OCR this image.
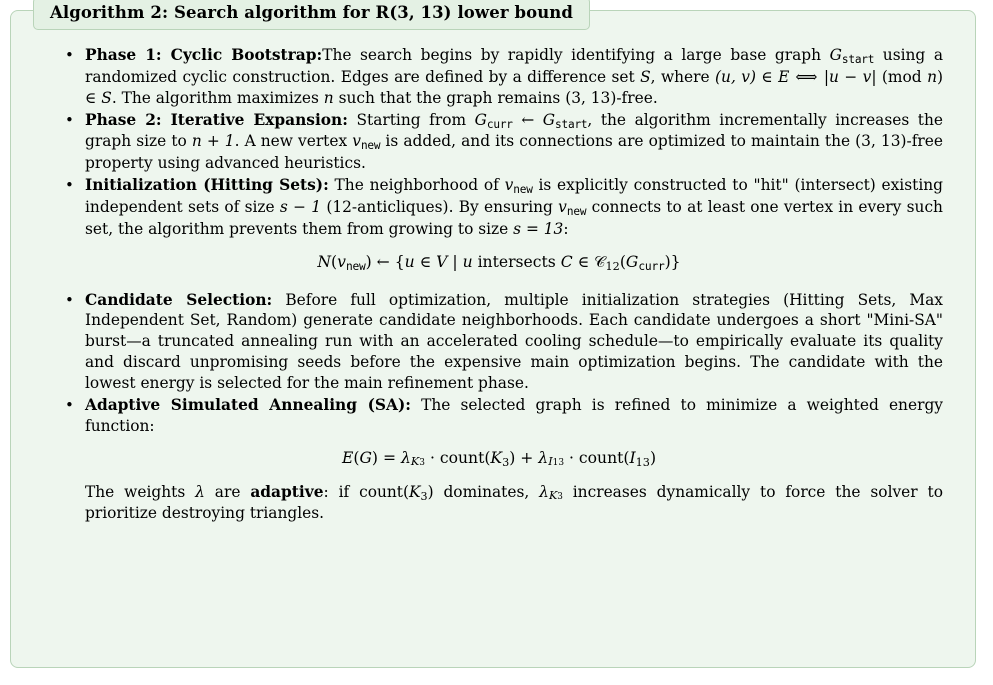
Algorithm 2: Search algorithm for R(3, 13) lower bound
• Phase 1: Cyclic Bootstrap:The search begins by rapidly identifying a large base graph Gstart using a randomized cyclic construction. Edges are defined by a difference set S, where (u, v) ∈ E ⟺ |u − v| (mod n) ∈ S. The algorithm maximizes n such that the graph remains (3, 13)-free.
• Phase 2: Iterative Expansion: Starting from Gcurr ← Gstart, the algorithm incrementally increases the graph size to n + 1. A new vertex vnew is added, and its connections are optimized to maintain the (3, 13)-free property using advanced heuristics.
• Initialization (Hitting Sets): The neighborhood of vnew is explicitly constructed to "hit" (intersect) existing independent sets of size s − 1 (12-anticliques). By ensuring vnew connects to at least one vertex in every such set, the algorithm prevents them from growing to size s = 13:
N(vnew) ← {u ∈ V | u intersects C ∈ 𝒞$_{12}$(Gcurr)}
• Candidate Selection: Before full optimization, multiple initialization strategies (Hitting Sets, Max Independent Set, Random) generate candidate neighborhoods. Each candidate undergoes a short "Mini-SA" burst—a truncated annealing run with an accelerated cooling schedule—to empirically evaluate its quality and discard unpromising seeds before the expensive main optimization begins. The candidate with the lowest energy is selected for the main refinement phase.
• Adaptive Simulated Annealing (SA): The selected graph is refined to minimize a weighted energy function:
$E(G) = \lambda_{K3}$ · $count(K_3) + \lambda_{I13}$ · $count(I_{13})$
The weights λ are adaptive: if $count(K_3)$ dominates, $\lambda_{K3}$ increases dynamically to force the solver to prioritize destroying triangles.
